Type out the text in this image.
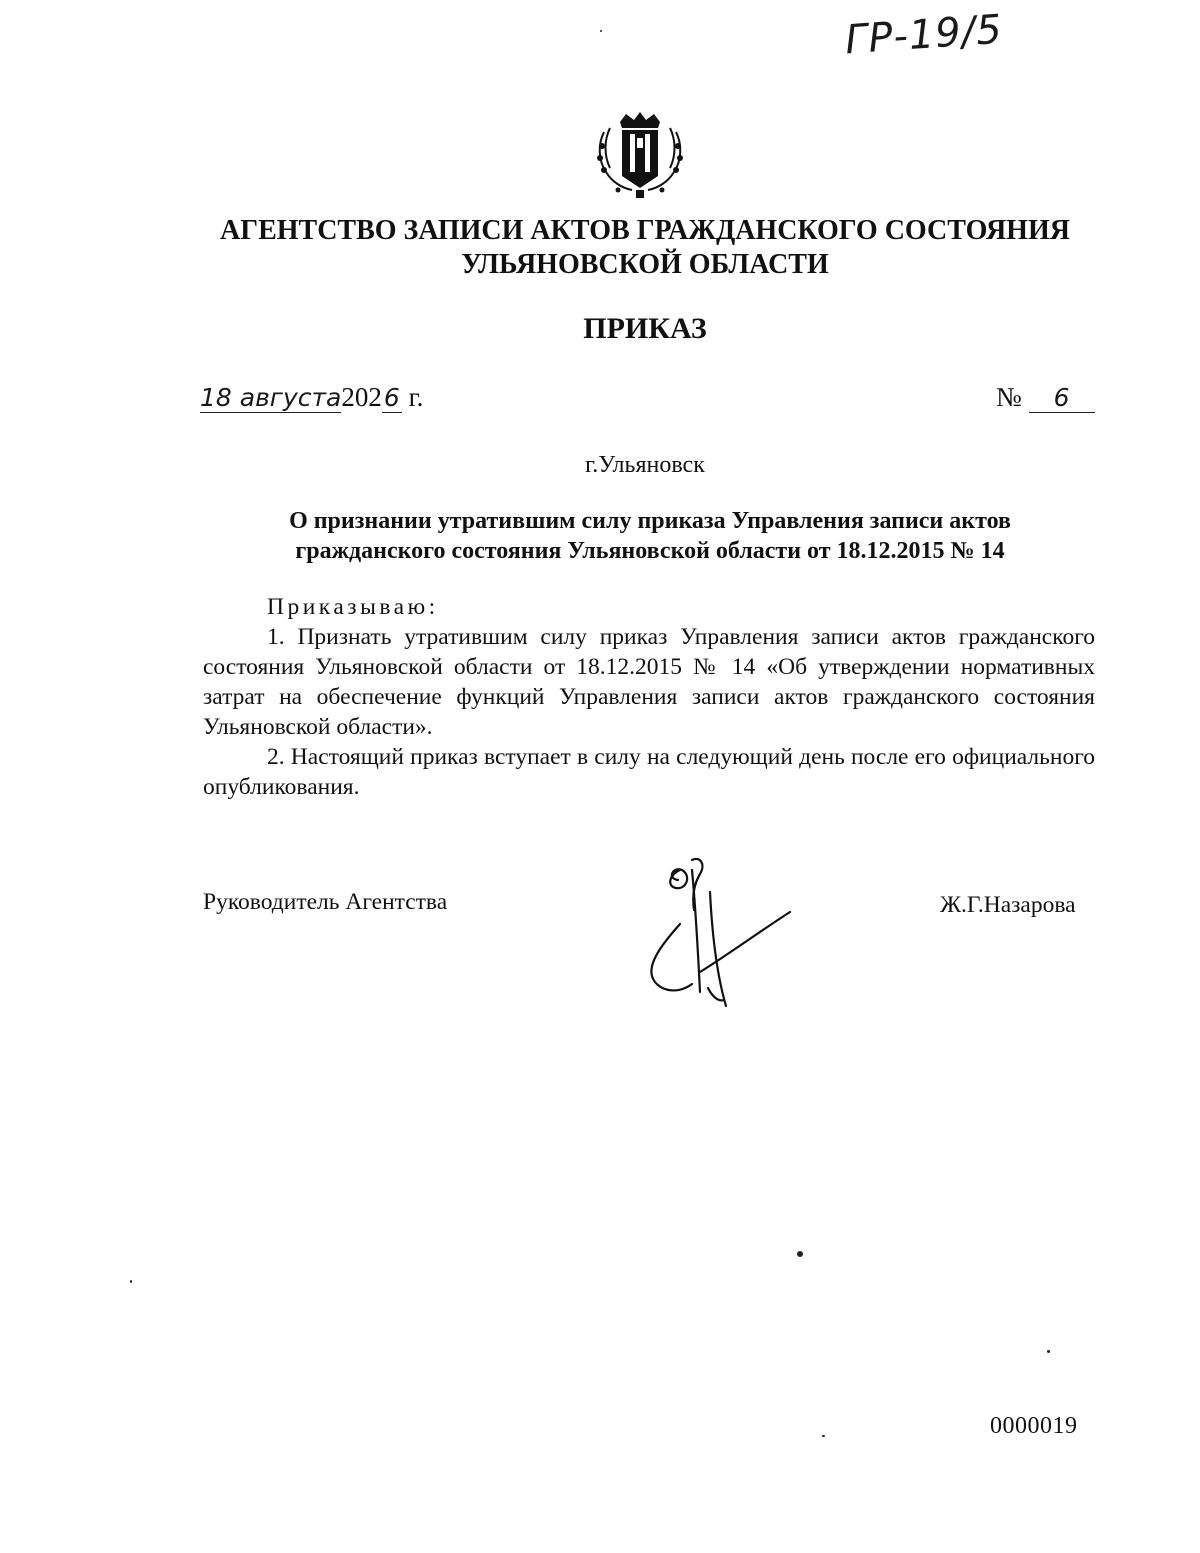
ГР-19/5
АГЕНТСТВО ЗАПИСИ АКТОВ ГРАЖДАНСКОГО СОСТОЯНИЯ
УЛЬЯНОВСКОЙ ОБЛАСТИ
ПРИКАЗ
18 августа2026 г.	№ 6
г.Ульяновск
О признании утратившим силу приказа Управления записи актов
гражданского состояния Ульяновской области от 18.12.2015 № 14

Приказываю:

1. Признать утратившим силу приказ Управления записи актов гражданского состояния Ульяновской области от 18.12.2015 № 14 «Об утверждении нормативных затрат на обеспечение функций Управления записи актов гражданского состояния Ульяновской области».

2. Настоящий приказ вступает в силу на следующий день после его официального опубликования.

Руководитель Агентства	Ж.Г.Назарова
0000019
